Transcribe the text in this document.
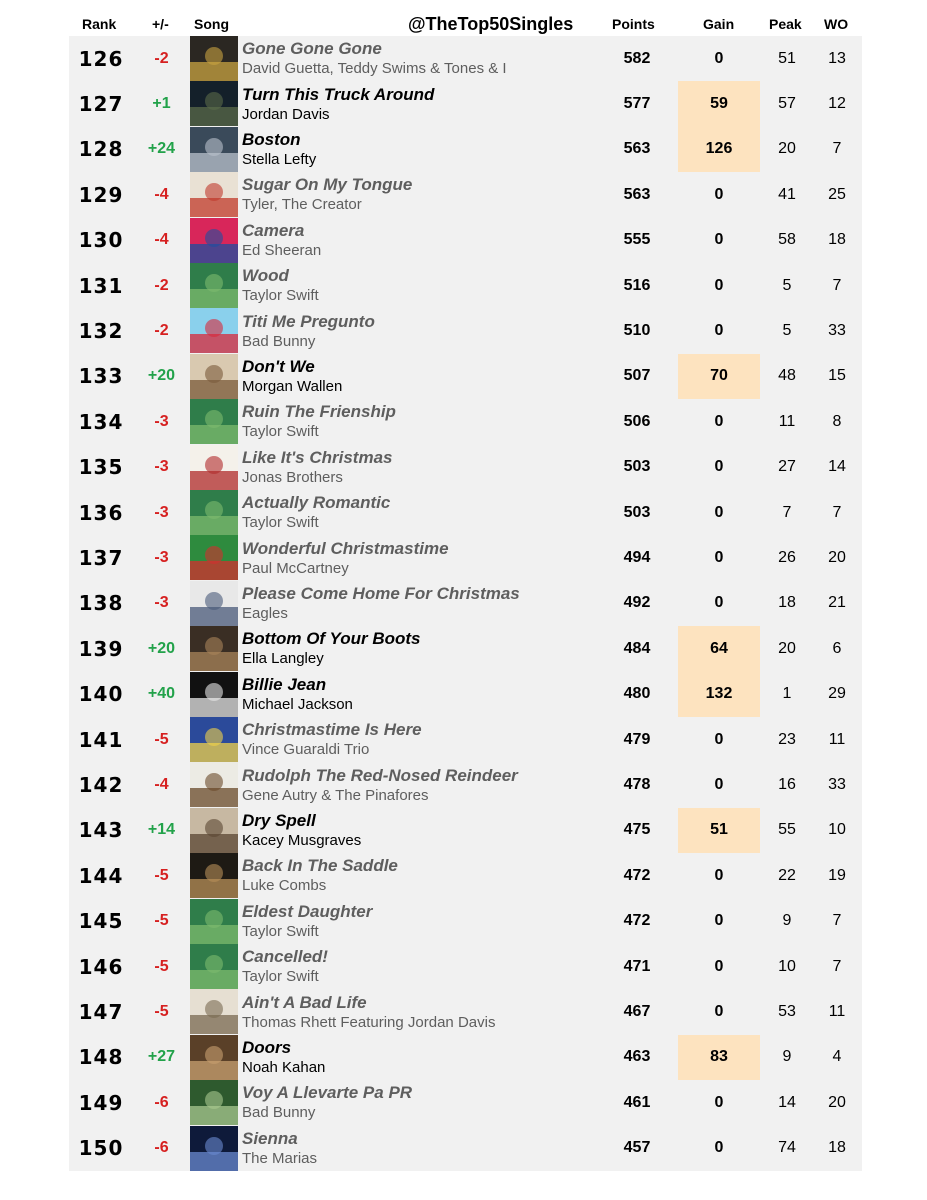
Rank	+/- Song	@TheTop50Singles	Points	Gain Peak WO
126	-2	Gone Gone Gone
David Guetta, Teddy Swims & Tones & I
582	0	51	13
127	+1	Turn This Truck Around
Jordan Davis
577	59	57	12
128	+24	Boston
Stella Lefty
563	126	20	7
129	-4	Sugar On My Tongue
Tyler, The Creator
563	0	41	25
130	-4	Camera
Ed Sheeran
555	0	58	18
131	-2	Wood
Taylor Swift
516	0	5	7
132	-2	Titi Me Pregunto
Bad Bunny
510	0	5	33
133	+20	Don't We
Morgan Wallen
507	70	48	15
134	-3	Ruin The Frienship
Taylor Swift
506	0	11	8
135	-3	Like It's Christmas
Jonas Brothers
503	0	27	14
136	-3	Actually Romantic
Taylor Swift
503	0	7	7
137	-3	Wonderful Christmastime
Paul McCartney
494	0	26	20
138	-3	Please Come Home For Christmas
Eagles
492	0	18	21
139	+20	Bottom Of Your Boots
Ella Langley
484	64	20	6
140	+40	Billie Jean
Michael Jackson
480	132	1	29
141	-5	Christmastime Is Here
Vince Guaraldi Trio
479	0	23	11
142	-4	Rudolph The Red-Nosed Reindeer
Gene Autry & The Pinafores
478	0	16	33
143	+14	Dry Spell
Kacey Musgraves
475	51	55	10
144	-5	Back In The Saddle
Luke Combs
472	0	22	19
145	-5	Eldest Daughter
Taylor Swift
472	0	9	7
146	-5	Cancelled!
Taylor Swift
471	0	10	7
147	-5	Ain't A Bad Life
Thomas Rhett Featuring Jordan Davis
467	0	53	11
148	+27	Doors
Noah Kahan
463	83	9	4
149	-6	Voy A Llevarte Pa PR
Bad Bunny
461	0	14	20
150	-6	Sienna
The Marias
457	0	74	18
